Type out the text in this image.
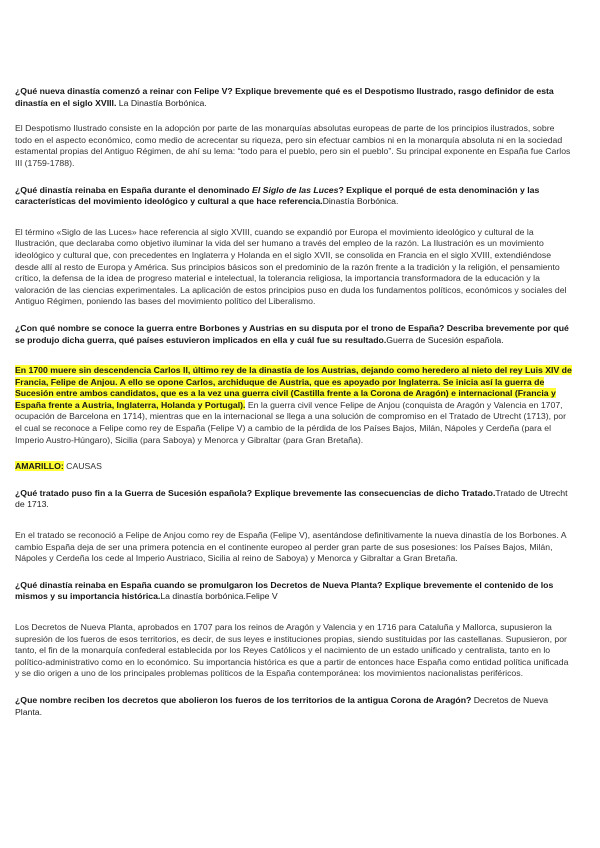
¿Qué nueva dinastía comenzó a reinar con Felipe V? Explique brevemente qué es el Despotismo Ilustrado, rasgo definidor de esta dinastía en el siglo XVIII. La Dinastía Borbónica.

El Despotismo Ilustrado consiste en la adopción por parte de las monarquías absolutas europeas de parte de los principios ilustrados, sobre todo en el aspecto económico, como medio de acrecentar su riqueza, pero sin efectuar cambios ni en la monarquía absoluta ni en la sociedad estamental propias del Antiguo Régimen, de ahí su lema: “todo para el pueblo, pero sin el pueblo”. Su principal exponente en España fue Carlos III (1759-1788).

¿Qué dinastía reinaba en España durante el denominado El Siglo de las Luces? Explique el porqué de esta denominación y las características del movimiento ideológico y cultural a que hace referencia.Dinastía Borbónica.

El término «Siglo de las Luces» hace referencia al siglo XVIII, cuando se expandió por Europa el movimiento ideológico y cultural de la Ilustración, que declaraba como objetivo iluminar la vida del ser humano a través del empleo de la razón. La Ilustración es un movimiento ideológico y cultural que, con precedentes en Inglaterra y Holanda en el siglo XVII, se consolida en Francia en el siglo XVIII, extendiéndose desde allí al resto de Europa y América. Sus principios básicos son el predominio de la razón frente a la tradición y la religión, el pensamiento crítico, la defensa de la idea de progreso material e intelectual, la tolerancia religiosa, la importancia transformadora de la educación y la valoración de las ciencias experimentales. La aplicación de estos principios puso en duda los fundamentos políticos, económicos y sociales del Antiguo Régimen, poniendo las bases del movimiento político del Liberalismo.

¿Con qué nombre se conoce la guerra entre Borbones y Austrias en su disputa por el trono de España? Describa brevemente por qué se produjo dicha guerra, qué países estuvieron implicados en ella y cuál fue su resultado.Guerra de Sucesión española.

En 1700 muere sin descendencia Carlos II, último rey de la dinastía de los Austrias, dejando como heredero al nieto del rey Luis XIV de Francia, Felipe de Anjou. A ello se opone Carlos, archiduque de Austria, que es apoyado por Inglaterra. Se inicia así la guerra de Sucesión entre ambos candidatos, que es a la vez una guerra civil (Castilla frente a la Corona de Aragón) e internacional (Francia y España frente a Austria, Inglaterra, Holanda y Portugal). En la guerra civil vence Felipe de Anjou (conquista de Aragón y Valencia en 1707, ocupación de Barcelona en 1714), mientras que en la internacional se llega a una solución de compromiso en el Tratado de Utrecht (1713), por el cual se reconoce a Felipe como rey de España (Felipe V) a cambio de la pérdida de los Países Bajos, Milán, Nápoles y Cerdeña (para el Imperio Austro-Húngaro), Sicilia (para Saboya) y Menorca y Gibraltar (para Gran Bretaña).

AMARILLO: CAUSAS

¿Qué tratado puso fin a la Guerra de Sucesión española? Explique brevemente las consecuencias de dicho Tratado.Tratado de Utrecht de 1713.

En el tratado se reconoció a Felipe de Anjou como rey de España (Felipe V), asentándose definitivamente la nueva dinastía de los Borbones. A cambio España deja de ser una primera potencia en el continente europeo al perder gran parte de sus posesiones: los Países Bajos, Milán, Nápoles y Cerdeña los cede al Imperio Austriaco, Sicilia al reino de Saboya) y Menorca y Gibraltar a Gran Bretaña.

¿Qué dinastía reinaba en España cuando se promulgaron los Decretos de Nueva Planta? Explique brevemente el contenido de los mismos y su importancia histórica.La dinastía borbónica.Felipe V

Los Decretos de Nueva Planta, aprobados en 1707 para los reinos de Aragón y Valencia y en 1716 para Cataluña y Mallorca, supusieron la supresión de los fueros de esos territorios, es decir, de sus leyes e instituciones propias, siendo sustituidas por las castellanas. Supusieron, por tanto, el fin de la monarquía confederal establecida por los Reyes Católicos y el nacimiento de un estado unificado y centralista, tanto en lo político-administrativo como en lo económico. Su importancia histórica es que a partir de entonces hace España como entidad política unificada y se dio origen a uno de los principales problemas políticos de la España contemporánea: los movimientos nacionalistas periféricos.

¿Que nombre reciben los decretos que abolieron los fueros de los territorios de la antigua Corona de Aragón? Decretos de Nueva Planta.
